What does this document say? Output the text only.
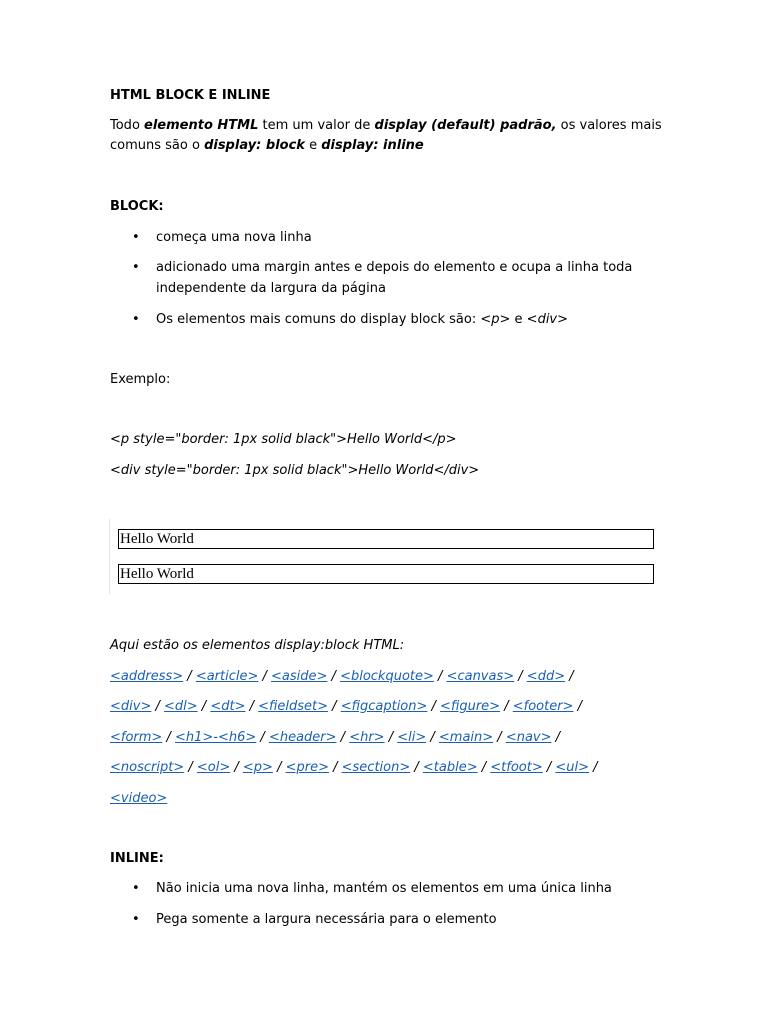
HTML BLOCK E INLINE
Todo elemento HTML tem um valor de display (default) padrão, os valores mais
comuns são o display: block e display: inline
BLOCK:
• começa uma nova linha
• adicionado uma margin antes e depois do elemento e ocupa a linha toda
independente da largura da página
• Os elementos mais comuns do display block são: <p> e <div>
Exemplo:
<p style="border: 1px solid black">Hello World</p>
<div style="border: 1px solid black">Hello World</div>
Hello World
Hello World
Aqui estão os elementos display:block HTML:
<address> / <article> / <aside> / <blockquote> / <canvas> / <dd> /
<div> / <dl> / <dt> / <fieldset> / <figcaption> / <figure> / <footer> /
<form> / <h1>-<h6> / <header> / <hr> / <li> / <main> / <nav> /
<noscript> / <ol> / <p> / <pre> / <section> / <table> / <tfoot> / <ul> /
<video>
INLINE:
• Não inicia uma nova linha, mantém os elementos em uma única linha
• Pega somente a largura necessária para o elemento
